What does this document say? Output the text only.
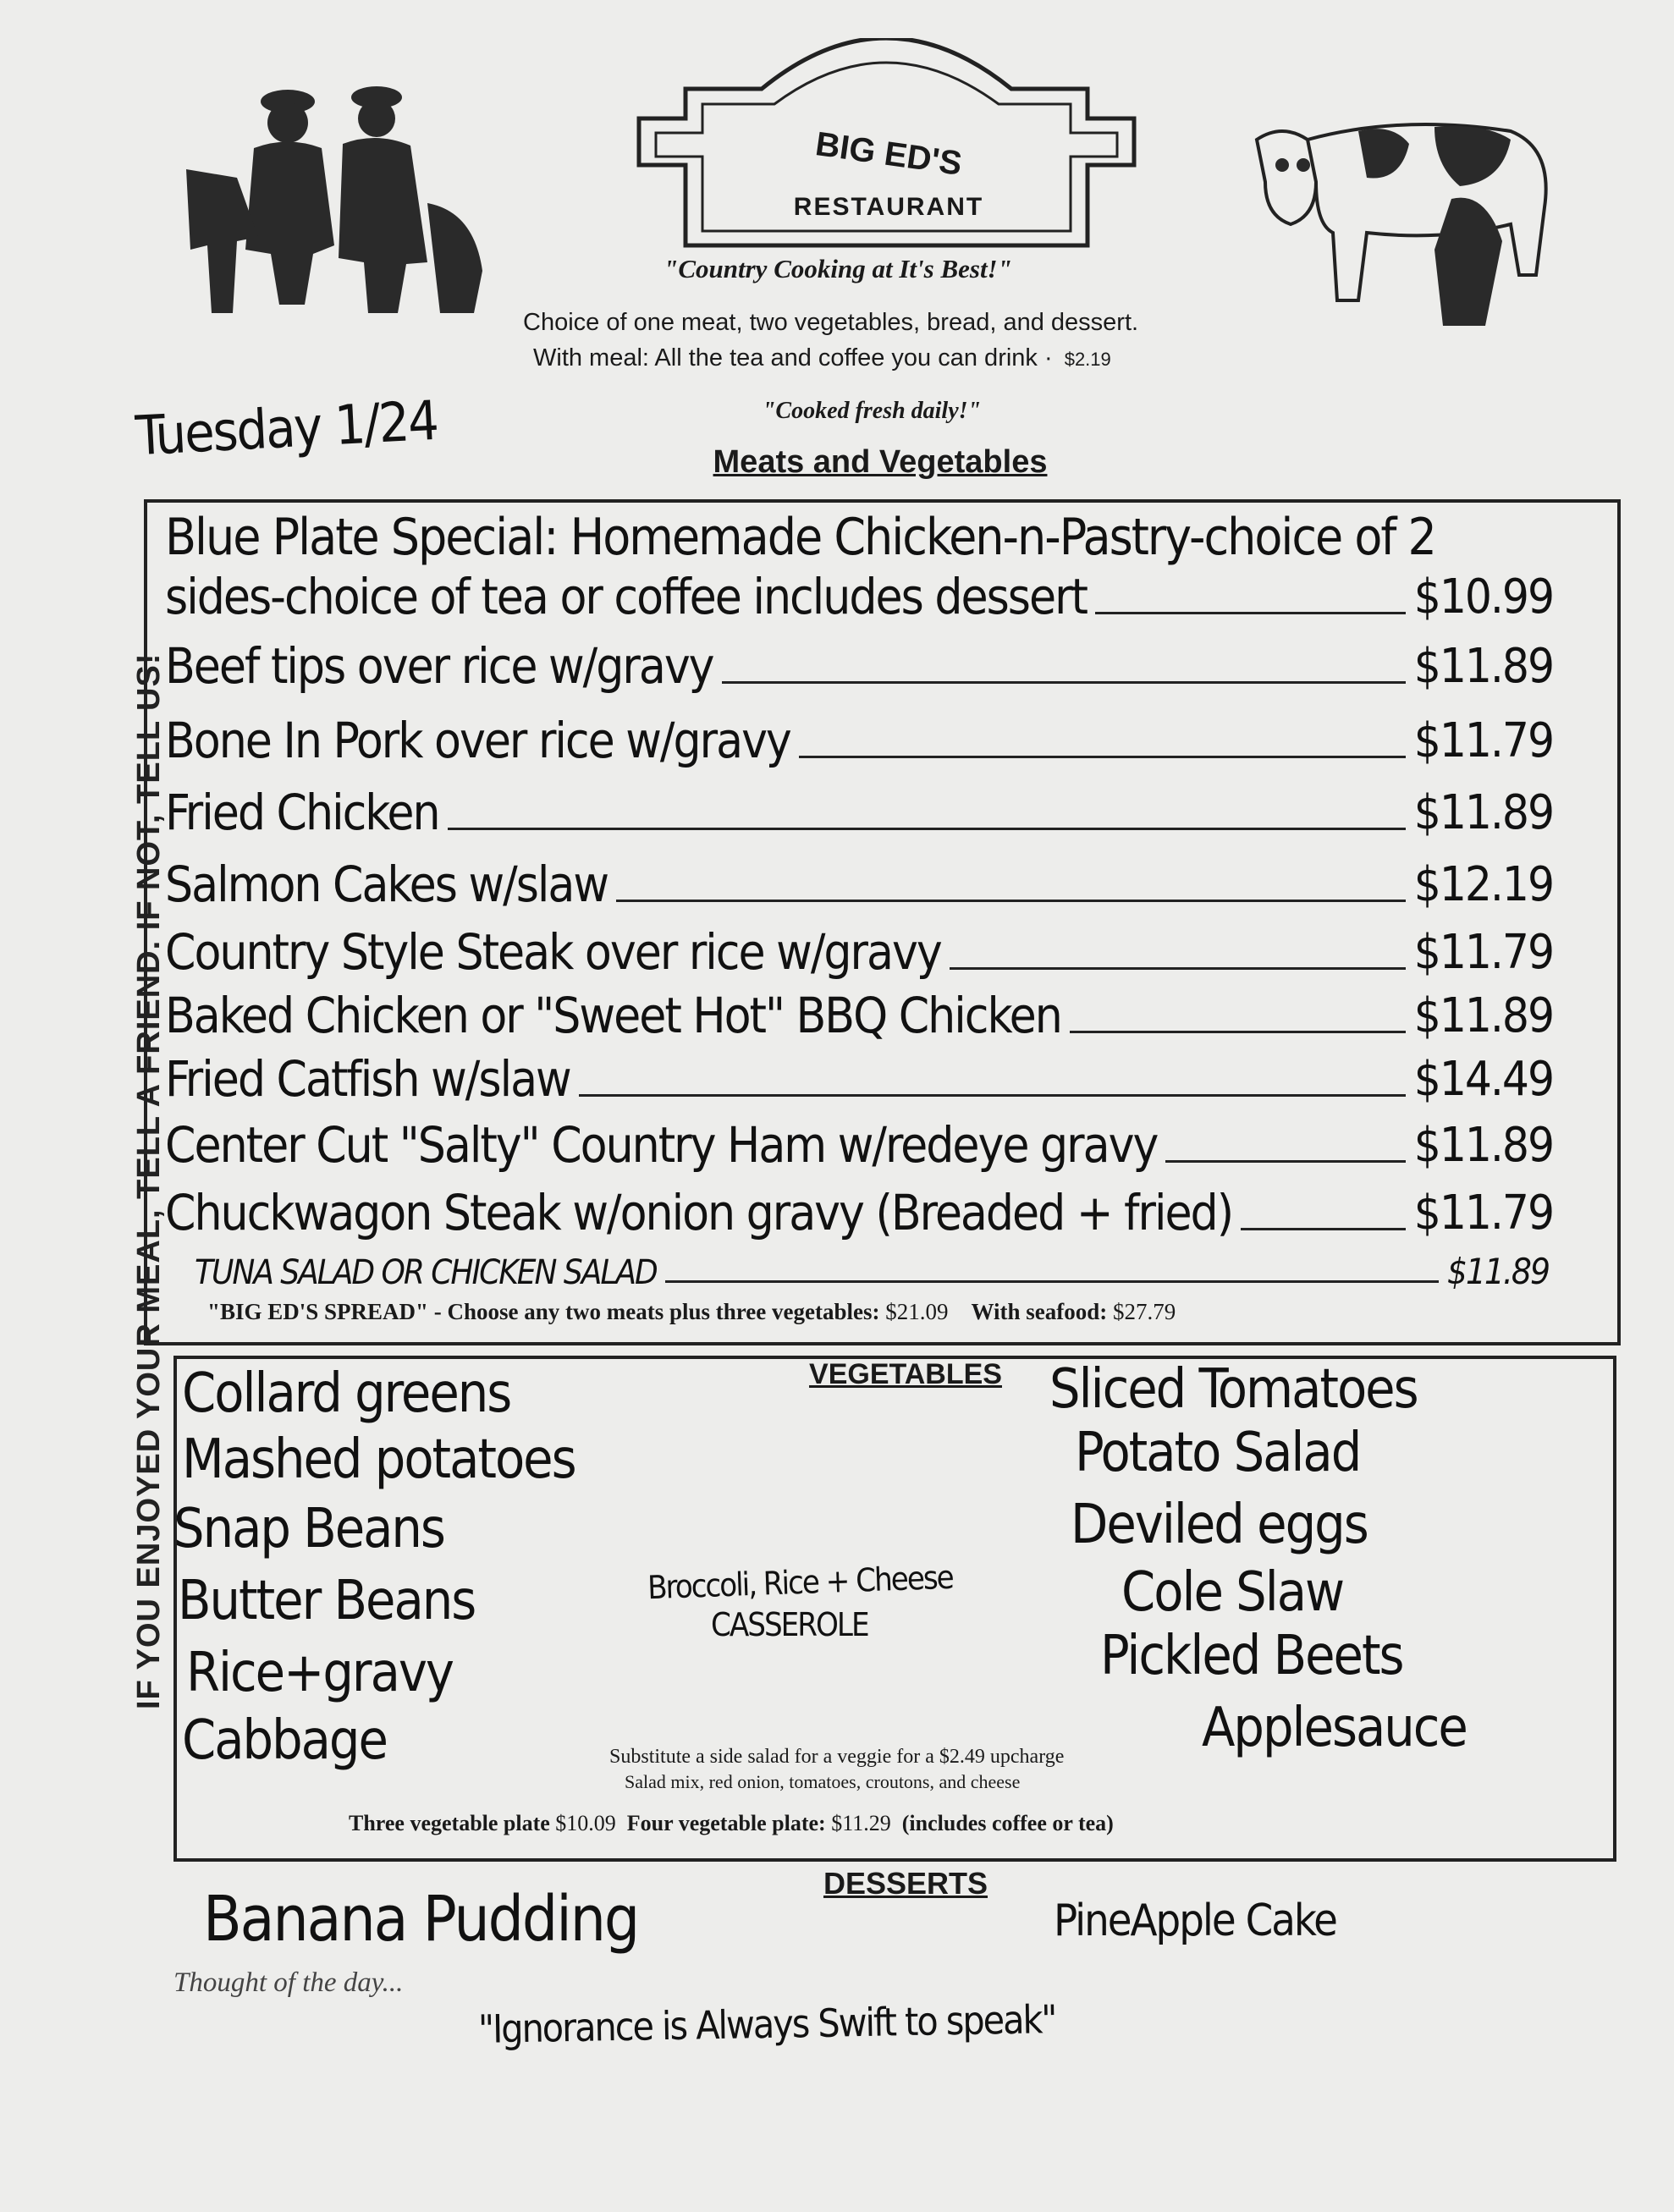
BIG ED'S
RESTAURANT
"Country Cooking at It's Best!"
Choice of one meat, two vegetables, bread, and dessert.
With meal: All the tea and coffee you can drink · $2.19
"Cooked fresh daily!"
Tuesday 1/24	Meats and Vegetables
Blue Plate Special: Homemade Chicken-n-Pastry-choice of 2
sides-choice of tea or coffee includes dessert	$10.99
Beef tips over rice w/gravy	$11.89
Bone In Pork over rice w/gravy	$11.79
Fried Chicken	$11.89
Salmon Cakes w/slaw	$12.19
Country Style Steak over rice w/gravy	$11.79
Baked Chicken or "Sweet Hot" BBQ Chicken	$11.89
Fried Catfish w/slaw	$14.49
Center Cut "Salty" Country Ham w/redeye gravy	$11.89
Chuckwagon Steak w/onion gravy (Breaded + fried)	$11.79
TUNA SALAD OR CHICKEN SALAD	$11.89
"BIG ED'S SPREAD" - Choose any two meats plus three vegetables: $21.09 With seafood: $27.79
VEGETABLES
Collard greens
Mashed potatoes
Snap Beans
Butter Beans
Rice+gravy
Cabbage
Sliced Tomatoes
Potato Salad
Deviled eggs
Cole Slaw
Pickled Beets
Applesauce
Broccoli, Rice + Cheese
CASSEROLE
Substitute a side salad for a veggie for a $2.49 upcharge
Salad mix, red onion, tomatoes, croutons, and cheese
Three vegetable plate $10.09 Four vegetable plate: $11.29 (includes coffee or tea)
DESSERTS
Banana Pudding	PineApple Cake
Thought of the day...
"Ignorance is Always Swift to speak"
IF YOU ENJOYED YOUR MEAL, TELL A FRIEND. IF NOT, TELL US!
